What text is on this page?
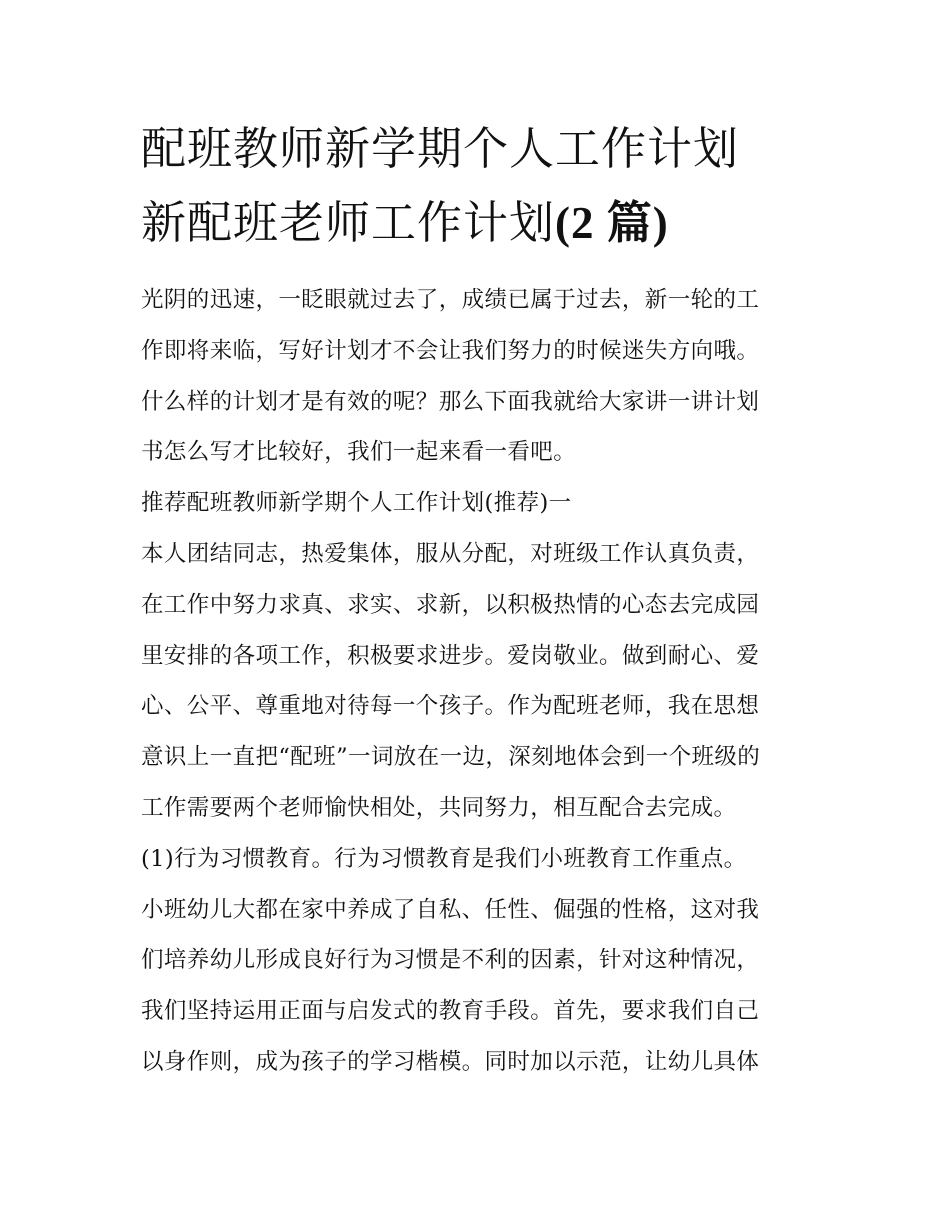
配班教师新学期个人工作计划
新配班老师工作计划(2 篇)
光阴的迅速，一眨眼就过去了，成绩已属于过去，新一轮的工
作即将来临，写好计划才不会让我们努力的时候迷失方向哦。
什么样的计划才是有效的呢？那么下面我就给大家讲一讲计划
书怎么写才比较好，我们一起来看一看吧。
推荐配班教师新学期个人工作计划(推荐)一
本人团结同志，热爱集体，服从分配，对班级工作认真负责，
在工作中努力求真、求实、求新，以积极热情的心态去完成园
里安排的各项工作，积极要求进步。爱岗敬业。做到耐心、爱
心、公平、尊重地对待每一个孩子。作为配班老师，我在思想
意识上一直把“配班”一词放在一边，深刻地体会到一个班级的
工作需要两个老师愉快相处，共同努力，相互配合去完成。
(1)行为习惯教育。行为习惯教育是我们小班教育工作重点。
小班幼儿大都在家中养成了自私、任性、倔强的性格，这对我
们培养幼儿形成良好行为习惯是不利的因素，针对这种情况，
我们坚持运用正面与启发式的教育手段。首先，要求我们自己
以身作则，成为孩子的学习楷模。同时加以示范，让幼儿具体
